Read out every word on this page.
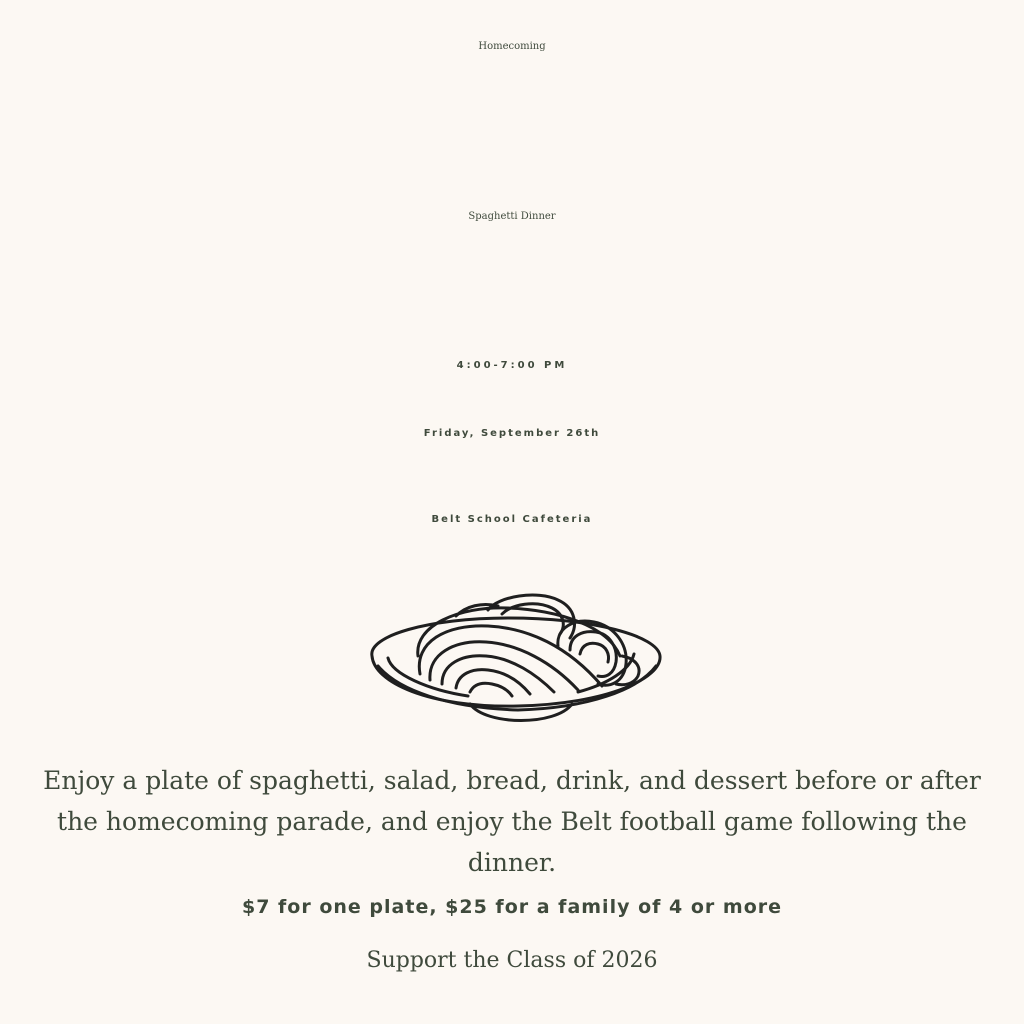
Homecoming
Spaghetti Dinner
4:00-7:00 PM
Friday, September 26th
Belt School Cafeteria
Enjoy a plate of spaghetti, salad, bread, drink, and dessert before or after the homecoming parade, and enjoy the Belt football game following the dinner.
$7 for one plate, $25 for a family of 4 or more
Support the Class of 2026
